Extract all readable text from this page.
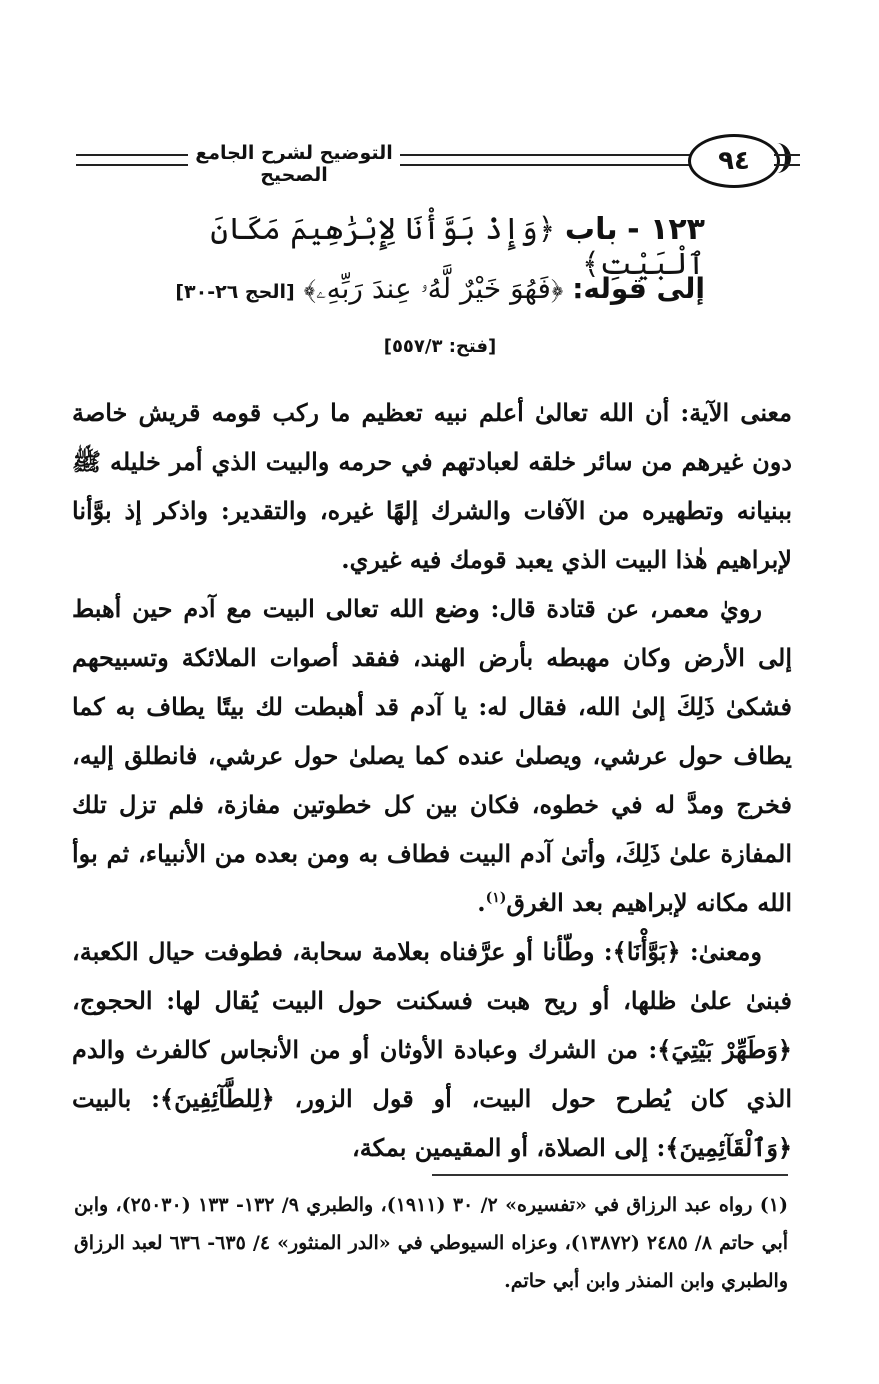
التوضيح لشرح الجامع الصحيح	٩٤
١٢٣ - باب ﴿وَإِذْ بَوَّأْنَا لِإِبْرَٰهِيمَ مَكَانَ ٱلْبَيْتِ﴾
إلى قوله: ﴿فَهُوَ خَيْرٌ لَّهُۥ عِندَ رَبِّهِۦ﴾ [الحج ٢٦-٣٠]
[فتح: ٥٥٧/٣]

معنى الآية: أن الله تعالىٰ أعلم نبيه تعظيم ما ركب قومه قريش خاصة دون غيرهم من سائر خلقه لعبادتهم في حرمه والبيت الذي أمر خليله ﷺ ببنيانه وتطهيره من الآفات والشرك إلهًا غيره، والتقدير: واذكر إذ بوَّأنا لإبراهيم هٰذا البيت الذي يعبد قومك فيه غيري.

رويٰ معمر، عن قتادة قال: وضع الله تعالى البيت مع آدم حين أهبط إلى الأرض وكان مهبطه بأرض الهند، ففقد أصوات الملائكة وتسبيحهم فشكىٰ ذَلِكَ إلىٰ الله، فقال له: يا آدم قد أهبطت لك بيتًا يطاف به كما يطاف حول عرشي، ويصلىٰ عنده كما يصلىٰ حول عرشي، فانطلق إليه، فخرج ومدَّ له في خطوه، فكان بين كل خطوتين مفازة، فلم تزل تلك المفازة علىٰ ذَلِكَ، وأتىٰ آدم البيت فطاف به ومن بعده من الأنبياء، ثم بوأ الله مكانه لإبراهيم بعد الغرق$^{(١)}$.

ومعنىٰ: ﴿بَوَّأْنَا﴾: وطّأنا أو عرَّفناه بعلامة سحابة، فطوفت حيال الكعبة، فبنىٰ علىٰ ظلها، أو ريح هبت فسكنت حول البيت يُقال لها: الحجوج، ﴿وَطَهِّرْ بَيْتِيَ﴾: من الشرك وعبادة الأوثان أو من الأنجاس كالفرث والدم الذي كان يُطرح حول البيت، أو قول الزور، ﴿لِلطَّآئِفِينَ﴾: بالبيت ﴿وَٱلْقَآئِمِينَ﴾: إلى الصلاة، أو المقيمين بمكة،

(١) رواه عبد الرزاق في «تفسيره» ٢/ ٣٠ (١٩١١)، والطبري ٩/ ١٣٢- ١٣٣ (٢٥٠٣٠)، وابن أبي حاتم ٨/ ٢٤٨٥ (١٣٨٧٢)، وعزاه السيوطي في «الدر المنثور» ٤/ ٦٣٥- ٦٣٦ لعبد الرزاق والطبري وابن المنذر وابن أبي حاتم.
